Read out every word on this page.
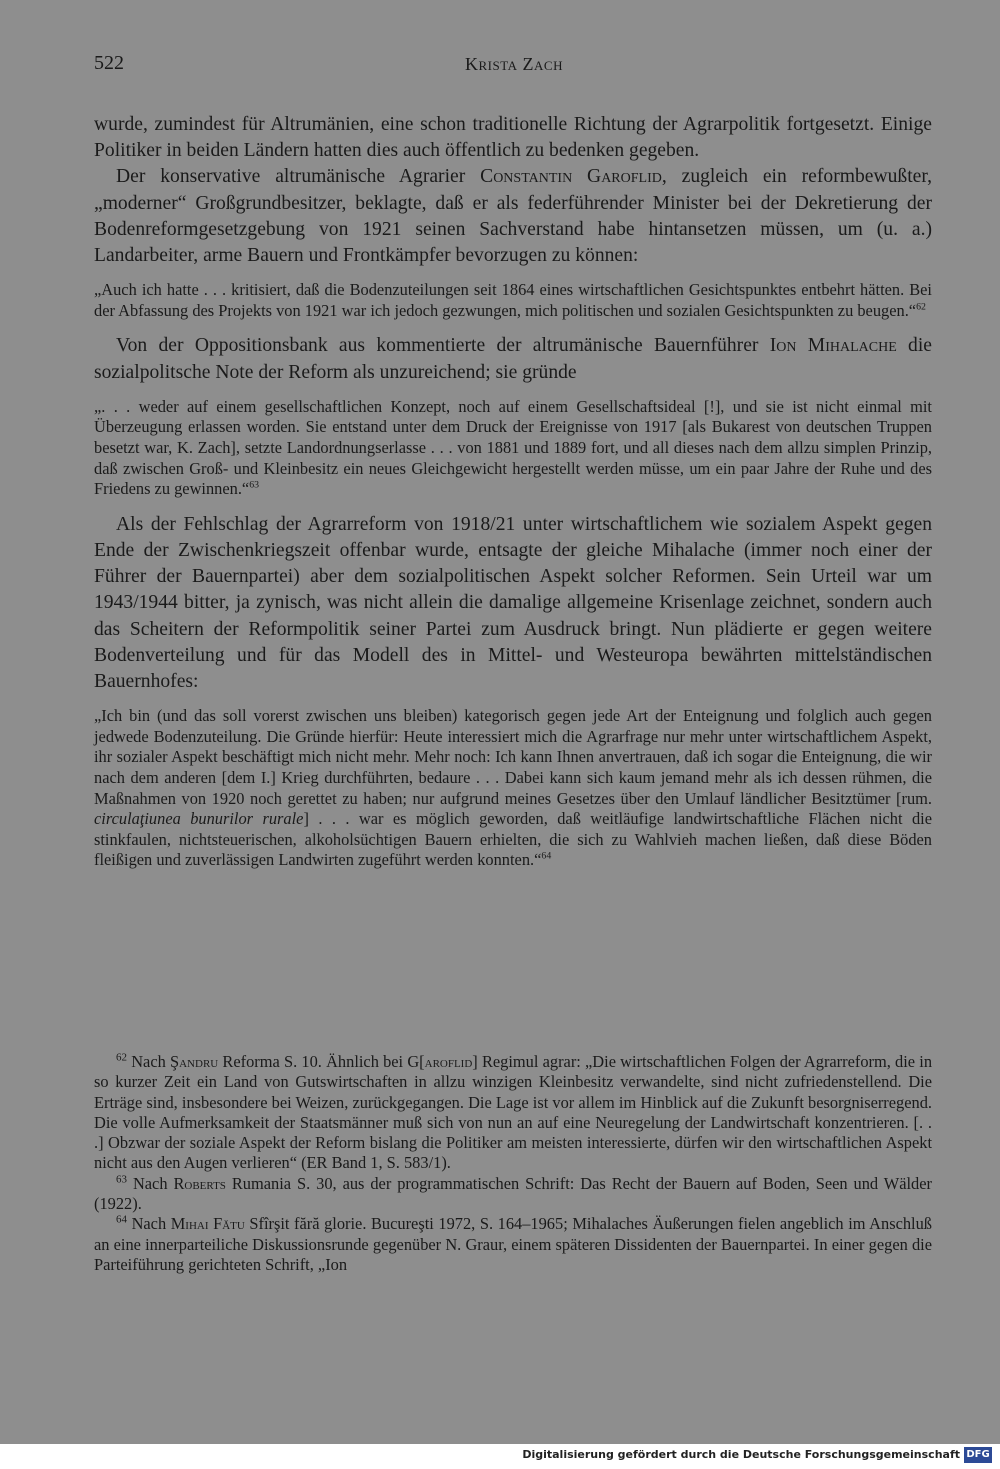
522	Krista Zach

wurde, zumindest für Altrumänien, eine schon traditionelle Richtung der Agrarpolitik fortgesetzt. Einige Politiker in beiden Ländern hatten dies auch öffentlich zu bedenken gegeben.

Der konservative altrumänische Agrarier Constantin Garoflid, zugleich ein reformbewußter, „moderner“ Großgrundbesitzer, beklagte, daß er als federführender Minister bei der Dekretierung der Bodenreformgesetzgebung von 1921 seinen Sachverstand habe hintansetzen müssen, um (u. a.) Landarbeiter, arme Bauern und Frontkämpfer bevorzugen zu können:

„Auch ich hatte . . . kritisiert, daß die Bodenzuteilungen seit 1864 eines wirtschaftlichen Gesichtspunktes entbehrt hätten. Bei der Abfassung des Projekts von 1921 war ich jedoch gezwungen, mich politischen und sozialen Gesichtspunkten zu beugen.“$^{62}$

Von der Oppositionsbank aus kommentierte der altrumänische Bauernführer Ion Mihalache die sozialpolitsche Note der Reform als unzureichend; sie gründe

„. . . weder auf einem gesellschaftlichen Konzept, noch auf einem Gesellschaftsideal [!], und sie ist nicht einmal mit Überzeugung erlassen worden. Sie entstand unter dem Druck der Ereignisse von 1917 [als Bukarest von deutschen Truppen besetzt war, K. Zach], setzte Landordnungserlasse . . . von 1881 und 1889 fort, und all dieses nach dem allzu simplen Prinzip, daß zwischen Groß- und Kleinbesitz ein neues Gleichgewicht hergestellt werden müsse, um ein paar Jahre der Ruhe und des Friedens zu gewinnen.“$^{63}$

Als der Fehlschlag der Agrarreform von 1918/21 unter wirtschaftlichem wie sozialem Aspekt gegen Ende der Zwischenkriegszeit offenbar wurde, entsagte der gleiche Mihalache (immer noch einer der Führer der Bauernpartei) aber dem sozialpolitischen Aspekt solcher Reformen. Sein Urteil war um 1943/1944 bitter, ja zynisch, was nicht allein die damalige allgemeine Krisenlage zeichnet, sondern auch das Scheitern der Reformpolitik seiner Partei zum Ausdruck bringt. Nun plädierte er gegen weitere Bodenverteilung und für das Modell des in Mittel- und Westeuropa bewährten mittelständischen Bauernhofes:

„Ich bin (und das soll vorerst zwischen uns bleiben) kategorisch gegen jede Art der Enteignung und folglich auch gegen jedwede Bodenzuteilung. Die Gründe hierfür: Heute interessiert mich die Agrarfrage nur mehr unter wirtschaftlichem Aspekt, ihr sozialer Aspekt beschäftigt mich nicht mehr. Mehr noch: Ich kann Ihnen anvertrauen, daß ich sogar die Enteignung, die wir nach dem anderen [dem I.] Krieg durchführten, bedaure . . . Dabei kann sich kaum jemand mehr als ich dessen rühmen, die Maßnahmen von 1920 noch gerettet zu haben; nur aufgrund meines Gesetzes über den Umlauf ländlicher Besitztümer [rum. circulaţiunea bunurilor rurale] . . . war es möglich geworden, daß weitläufige landwirtschaftliche Flächen nicht die stinkfaulen, nichtsteuerischen, alkoholsüchtigen Bauern erhielten, die sich zu Wahlvieh machen ließen, daß diese Böden fleißigen und zuverlässigen Landwirten zugeführt werden konnten.“$^{64}$

$^{62}$ Nach Şandru Reforma S. 10. Ähnlich bei G[aroflid] Regimul agrar: „Die wirtschaftlichen Folgen der Agrarreform, die in so kurzer Zeit ein Land von Gutswirtschaften in allzu winzigen Kleinbesitz verwandelte, sind nicht zufriedenstellend. Die Erträge sind, insbesondere bei Weizen, zurückgegangen. Die Lage ist vor allem im Hinblick auf die Zukunft besorgniserregend. Die volle Aufmerksamkeit der Staatsmänner muß sich von nun an auf eine Neuregelung der Landwirtschaft konzentrieren. [. . .] Obzwar der soziale Aspekt der Reform bislang die Politiker am meisten interessierte, dürfen wir den wirtschaftlichen Aspekt nicht aus den Augen verlieren“ (ER Band 1, S. 583/1).

$^{63}$ Nach Roberts Rumania S. 30, aus der programmatischen Schrift: Das Recht der Bauern auf Boden, Seen und Wälder (1922).

$^{64}$ Nach Mihai Fătu Sfîrşit fără glorie. Bucureşti 1972, S. 164–1965; Mihalaches Äußerungen fielen angeblich im Anschluß an eine innerparteiliche Diskussionsrunde gegenüber N. Graur, einem späteren Dissidenten der Bauernpartei. In einer gegen die Parteiführung gerichteten Schrift, „Ion

Digitalisierung gefördert durch die Deutsche Forschungsgemeinschaft DFG
